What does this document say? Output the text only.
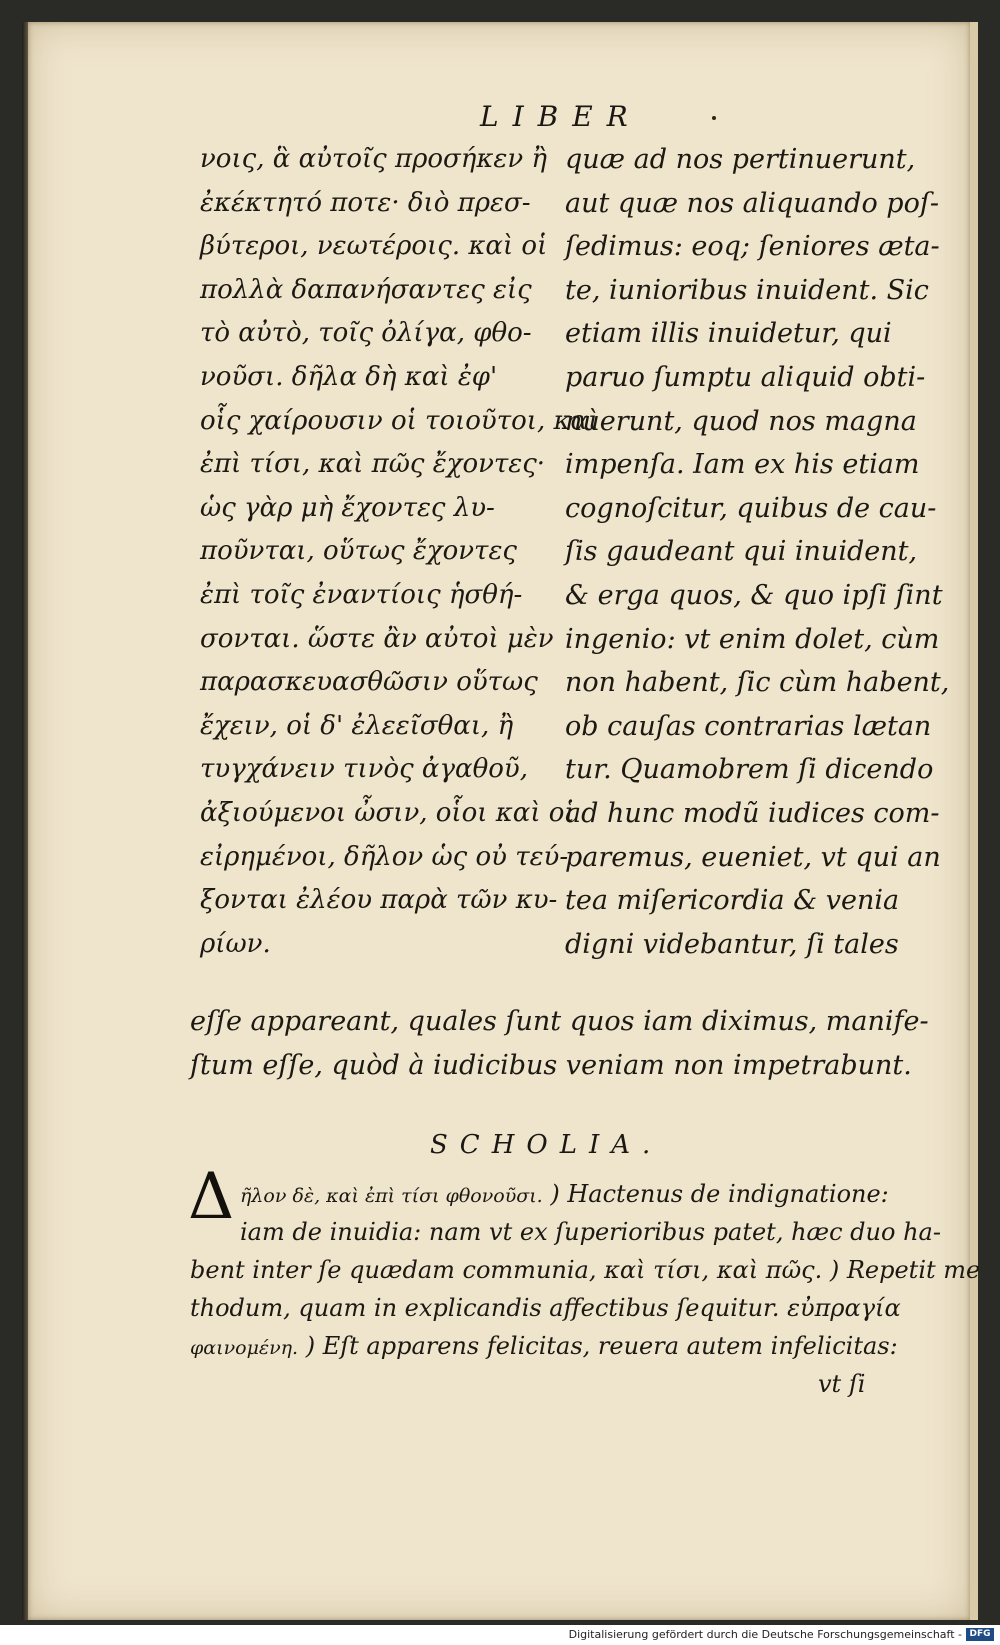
LIBER
νοις, ἃ αὐτοῖς προσήκεν ἢ
ἐκέκτητό ποτε· διὸ πρεσ-
βύτεροι, νεωτέροις. καὶ οἱ
πολλὰ δαπανήσαντες εἰς
τὸ αὐτὸ, τοῖς ὀλίγα, φθο-
νοῦσι. δῆλα δὴ καὶ ἐφ'
οἷς χαίρουσιν οἱ τοιοῦτοι, καὶ
ἐπὶ τίσι, καὶ πῶς ἔχοντες·
ὡς γὰρ μὴ ἔχοντες λυ-
ποῦνται, οὕτως ἔχοντες
ἐπὶ τοῖς ἐναντίοις ἡσθή-
σονται. ὥστε ἂν αὐτοὶ μὲν
παρασκευασθῶσιν οὕτως
ἔχειν, οἱ δ' ἐλεεῖσθαι, ἢ
τυγχάνειν τινὸς ἀγαθοῦ,
ἀξιούμενοι ὦσιν, οἷοι καὶ οἱ
εἰρημένοι, δῆλον ὡς οὐ τεύ-
ξονται ἐλέου παρὰ τῶν κυ-
ρίων.
quæ ad nos pertinuerunt,
aut quæ nos aliquando poſ-
ſedimus: eoq; ſeniores æta-
te, iunioribus inuident. Sic
etiam illis inuidetur, qui
paruo ſumptu aliquid obti-
nuerunt, quod nos magna
impenſa. Iam ex his etiam
cognoſcitur, quibus de cau-
ſis gaudeant qui inuident,
& erga quos, & quo ipſi ſint
ingenio: vt enim dolet, cùm
non habent, ſic cùm habent,
ob cauſas contrarias lætan
tur. Quamobrem ſi dicendo
ad hunc modũ iudices com-
paremus, eueniet, vt qui an
tea miſericordia & venia
digni videbantur, ſi tales
eſſe appareant, quales ſunt quos iam diximus, manife-
ſtum eſſe, quòd à iudicibus veniam non impetrabunt.
SCHOLIA.
Δ ῆλον δὲ, καὶ ἐπὶ τίσι φθονοῦσι. ) Hactenus de indignatione:
iam de inuidia: nam vt ex ſuperioribus patet, hæc duo ha-
bent inter ſe quædam communia, καὶ τίσι, καὶ πῶς. ) Repetit me
thodum, quam in explicandis affectibus ſequitur. εὐπραγία
φαινομένη. ) Eſt apparens felicitas, reuera autem infelicitas:
vt ſi
Digitalisierung gefördert durch die Deutsche Forschungsgemeinschaft - DFG
